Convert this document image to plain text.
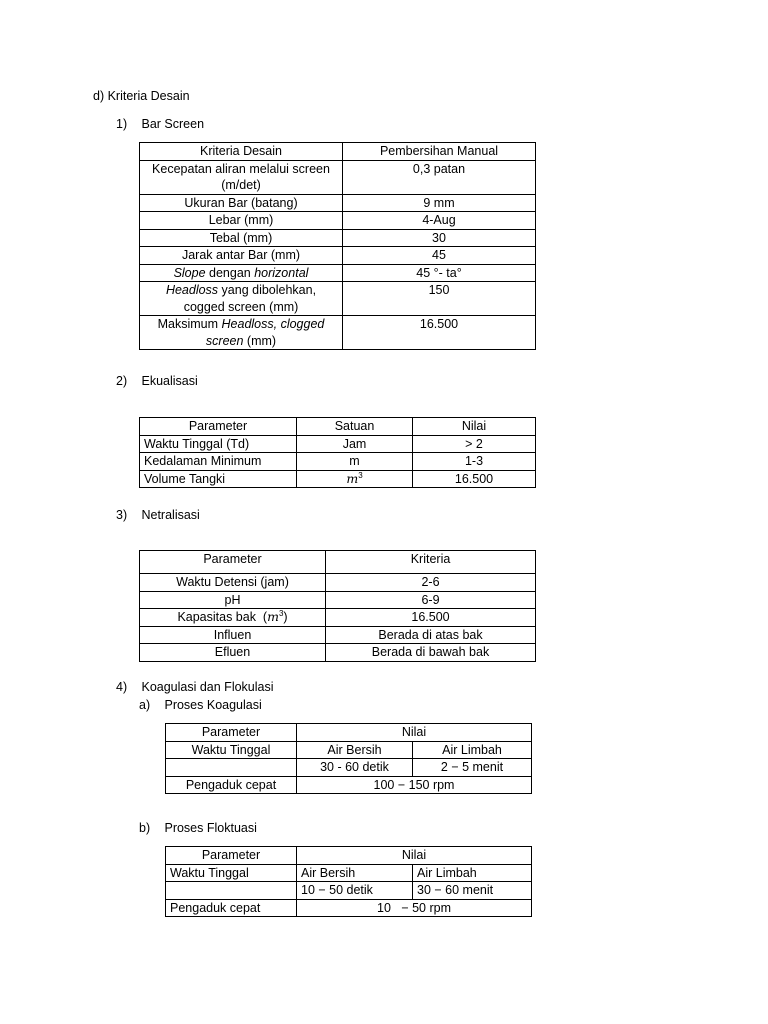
d) Kriteria Desain
1) Bar Screen
Kriteria Desain	Pembersihan Manual
Kecepatan aliran melalui screen (m/det)	0,3 patan
Ukuran Bar (batang)	9 mm
Lebar (mm)	4-Aug
Tebal (mm)	30
Jarak antar Bar (mm)	45
Slope dengan horizontal	45 °- ta°
Headloss yang dibolehkan, cogged screen (mm)	150
Maksimum Headloss, clogged screen (mm)	16.500
2) Ekualisasi
Parameter	Satuan	Nilai
Waktu Tinggal (Td)	Jam	> 2
Kedalaman Minimum	m	1-3
Volume Tangki	$m^3$	16.500
3) Netralisasi
Parameter	Kriteria
Waktu Detensi (jam)	2-6
pH	6-9
Kapasitas bak  $(m^3)$	16.500
Influen	Berada di atas bak
Efluen	Berada di bawah bak
4) Koagulasi dan Flokulasi
a) Proses Koagulasi
Parameter	Nilai	
Waktu Tinggal	Air Bersih	Air Limbah
	30 - 60 detik	2 − 5 menit
Pengaduk cepat	100 − 150 rpm	
b) Proses Floktuasi
Parameter	Nilai	
Waktu Tinggal	Air Bersih	Air Limbah
	10 − 50 detik	30 − 60 menit
Pengaduk cepat	10   − 50 rpm	
